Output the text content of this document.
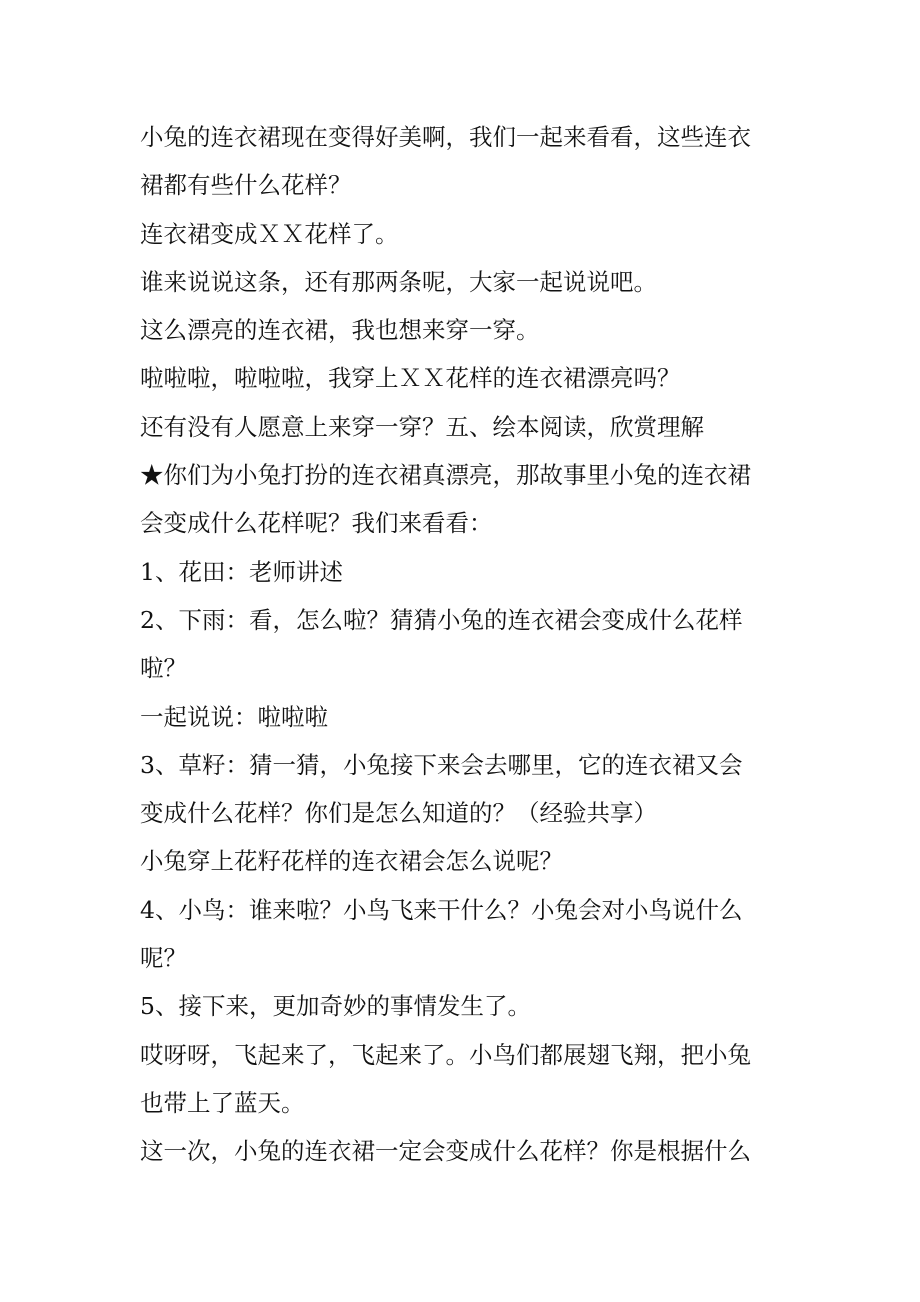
小兔的连衣裙现在变得好美啊，我们一起来看看，这些连衣
裙都有些什么花样？
连衣裙变成ＸＸ花样了。
谁来说说这条，还有那两条呢，大家一起说说吧。
这么漂亮的连衣裙，我也想来穿一穿。
啦啦啦，啦啦啦，我穿上ＸＸ花样的连衣裙漂亮吗？
还有没有人愿意上来穿一穿？五、绘本阅读，欣赏理解
★你们为小兔打扮的连衣裙真漂亮，那故事里小兔的连衣裙
会变成什么花样呢？我们来看看：
1、花田：老师讲述
2、下雨：看，怎么啦？猜猜小兔的连衣裙会变成什么花样
啦？
一起说说：啦啦啦
3、草籽：猜一猜，小兔接下来会去哪里，它的连衣裙又会
变成什么花样？你们是怎么知道的？（经验共享）
小兔穿上花籽花样的连衣裙会怎么说呢？
4、小鸟：谁来啦？小鸟飞来干什么？小兔会对小鸟说什么
呢？
5、接下来，更加奇妙的事情发生了。
哎呀呀，飞起来了，飞起来了。小鸟们都展翅飞翔，把小兔
也带上了蓝天。
这一次，小兔的连衣裙一定会变成什么花样？你是根据什么
